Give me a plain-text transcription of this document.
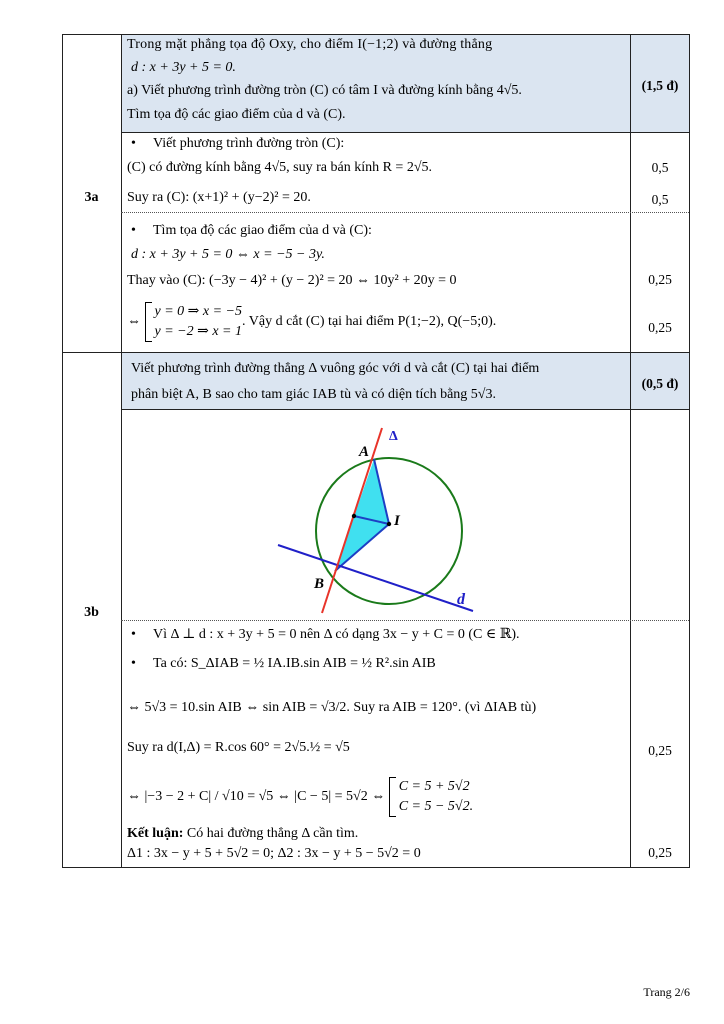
3a
3b
Trong mặt phẳng tọa độ Oxy, cho điểm I(−1;2) và đường thẳng
d : x + 3y + 5 = 0.
a) Viết phương trình đường tròn (C) có tâm I và đường kính bằng 4√5.
Tìm tọa độ các giao điểm của d và (C).
(1,5 đ)
• Viết phương trình đường tròn (C):
(C) có đường kính bằng 4√5, suy ra bán kính R = 2√5.
Suy ra (C): (x+1)² + (y−2)² = 20.
0,5
0,5
• Tìm tọa độ các giao điểm của d và (C):
d : x + 3y + 5 = 0 ⇔ x = −5 − 3y.
Thay vào (C): (−3y − 4)² + (y − 2)² = 20 ⇔ 10y² + 20y = 0
⇔ y = 0 ⇒ x = −5
y = −2 ⇒ x = 1. Vậy d cắt (C) tại hai điểm P(1;−2), Q(−5;0).
0,25
0,25
Viết phương trình đường thẳng Δ vuông góc với d và cắt (C) tại hai điểm
phân biệt A, B sao cho tam giác IAB tù và có diện tích bằng 5√3.
(0,5 đ)
A
B
I
Δ
d
• Vì Δ ⊥ d : x + 3y + 5 = 0 nên Δ có dạng 3x − y + C = 0 (C ∈ ℝ).
• Ta có: S_ΔIAB = ½ IA.IB.sin AIB = ½ R².sin AIB
⇔ 5√3 = 10.sin AIB ⇔ sin AIB = √3/2. Suy ra AIB = 120°. (vì ΔIAB tù)
Suy ra d(I,Δ) = R.cos 60° = 2√5.½ = √5
⇔ |−3 − 2 + C| / √10 = √5 ⇔ |C − 5| = 5√2 ⇔ C = 5 + 5√2
C = 5 − 5√2.
Kết luận: Có hai đường thẳng Δ cần tìm.
Δ1 : 3x − y + 5 + 5√2 = 0; Δ2 : 3x − y + 5 − 5√2 = 0
0,25
0,25
Trang 2/6
